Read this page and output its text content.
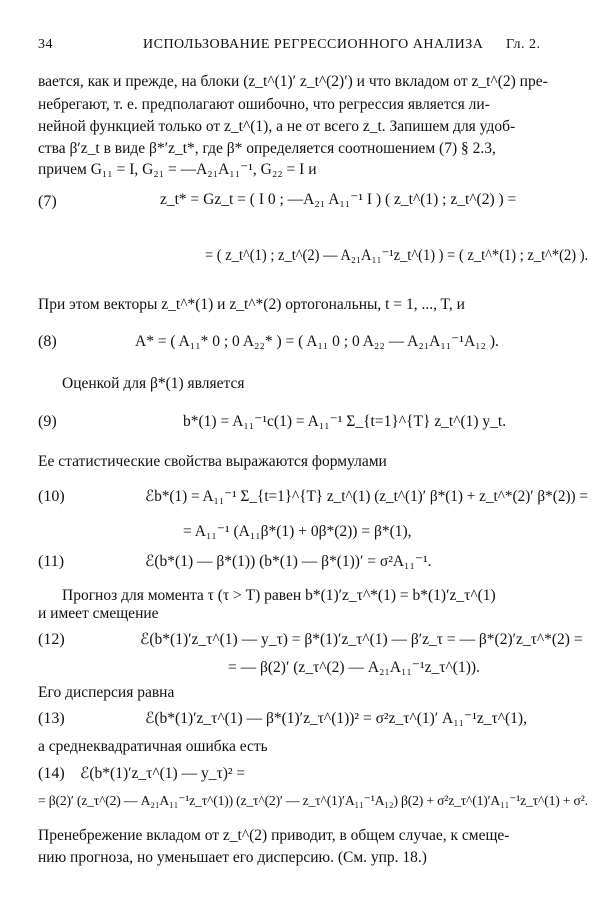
34	ИСПОЛЬЗОВАНИЕ РЕГРЕССИОННОГО АНАЛИЗА Гл. 2.
вается, как и прежде, на блоки (z_t^(1)′ z_t^(2)′) и что вкладом от z_t^(2) пре-
небрегают, т. е. предполагают ошибочно, что регрессия является ли-
нейной функцией только от z_t^(1), а не от всего z_t. Запишем для удоб-
ства β′z_t в виде β*′z_t*, где β* определяется соотношением (7) § 2.3,
причем G₁₁ = I, G₂₁ = —A₂₁A₁₁⁻¹, G₂₂ = I и
(7)	z_t* = Gz_t = ( I 0 ; —A₂₁ A₁₁⁻¹ I ) ( z_t^(1) ; z_t^(2) ) =
= ( z_t^(1) ; z_t^(2) — A₂₁A₁₁⁻¹z_t^(1) ) = ( z_t^*(1) ; z_t^*(2) ).
При этом векторы z_t^*(1) и z_t^*(2) ортогональны, t = 1, ..., T, и
(8)	A* = ( A₁₁* 0 ; 0 A₂₂* ) = ( A₁₁ 0 ; 0 A₂₂ — A₂₁A₁₁⁻¹A₁₂ ).
Оценкой для β*(1) является
(9)	b*(1) = A₁₁⁻¹c(1) = A₁₁⁻¹ Σ_{t=1}^{T} z_t^(1) y_t.
Ее статистические свойства выражаются формулами
(10)	ℰb*(1) = A₁₁⁻¹ Σ_{t=1}^{T} z_t^(1) (z_t^(1)′ β*(1) + z_t^*(2)′ β*(2)) =
= A₁₁⁻¹ (A₁₁β*(1) + 0β*(2)) = β*(1),
(11)	ℰ(b*(1) — β*(1)) (b*(1) — β*(1))′ = σ²A₁₁⁻¹.
Прогноз для момента τ (τ > T) равен b*(1)′z_τ^*(1) = b*(1)′z_τ^(1)
и имеет смещение
(12)	ℰ(b*(1)′z_τ^(1) — y_τ) = β*(1)′z_τ^(1) — β′z_τ = — β*(2)′z_τ^*(2) =
= — β(2)′ (z_τ^(2) — A₂₁A₁₁⁻¹z_τ^(1)).
Его дисперсия равна
(13)	ℰ(b*(1)′z_τ^(1) — β*(1)′z_τ^(1))² = σ²z_τ^(1)′ A₁₁⁻¹z_τ^(1),
а среднеквадратичная ошибка есть
(14) ℰ(b*(1)′z_τ^(1) — y_τ)² =
= β(2)′ (z_τ^(2) — A₂₁A₁₁⁻¹z_τ^(1)) (z_τ^(2)′ — z_τ^(1)′A₁₁⁻¹A₁₂) β(2) + σ²z_τ^(1)′A₁₁⁻¹z_τ^(1) + σ².
Пренебрежение вкладом от z_t^(2) приводит, в общем случае, к смеще-
нию прогноза, но уменьшает его дисперсию. (См. упр. 18.)
